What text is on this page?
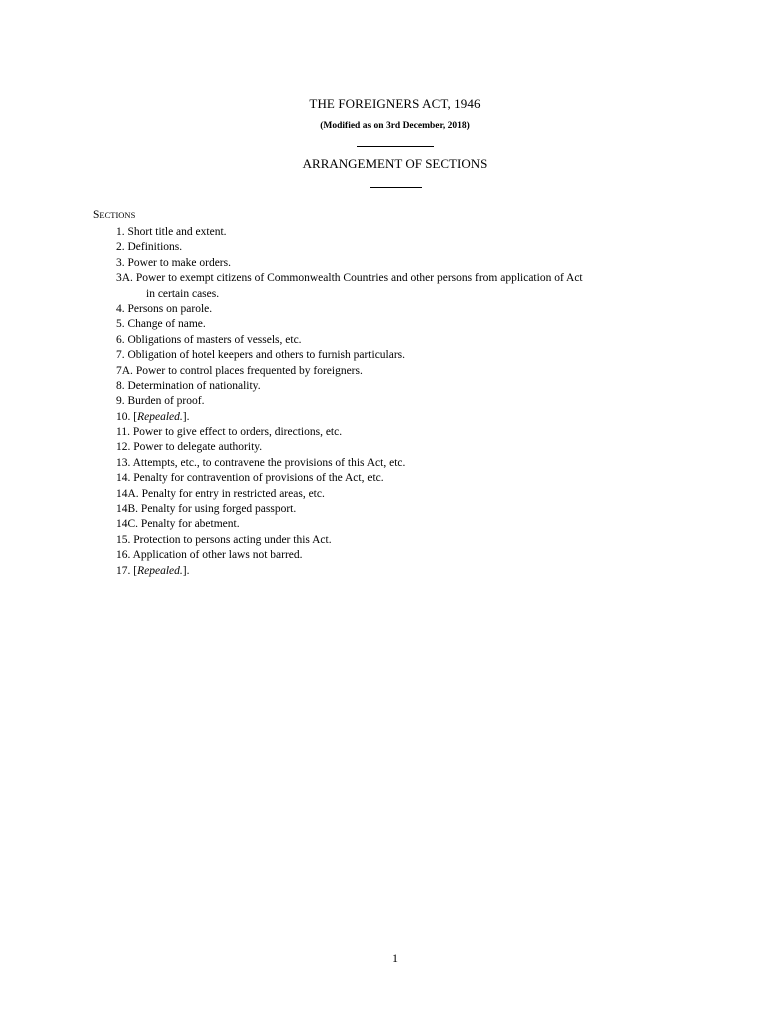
THE FOREIGNERS ACT, 1946
(Modified as on 3rd December, 2018)
ARRANGEMENT OF SECTIONS
SECTIONS
1. Short title and extent.
2. Definitions.
3. Power to make orders.
3A. Power to exempt citizens of Commonwealth Countries and other persons from application of Act
in certain cases.
4. Persons on parole.
5. Change of name.
6. Obligations of masters of vessels, etc.
7. Obligation of hotel keepers and others to furnish particulars.
7A. Power to control places frequented by foreigners.
8. Determination of nationality.
9. Burden of proof.
10. [Repealed.].
11. Power to give effect to orders, directions, etc.
12. Power to delegate authority.
13. Attempts, etc., to contravene the provisions of this Act, etc.
14. Penalty for contravention of provisions of the Act, etc.
14A. Penalty for entry in restricted areas, etc.
14B. Penalty for using forged passport.
14C. Penalty for abetment.
15. Protection to persons acting under this Act.
16. Application of other laws not barred.
17. [Repealed.].
1
